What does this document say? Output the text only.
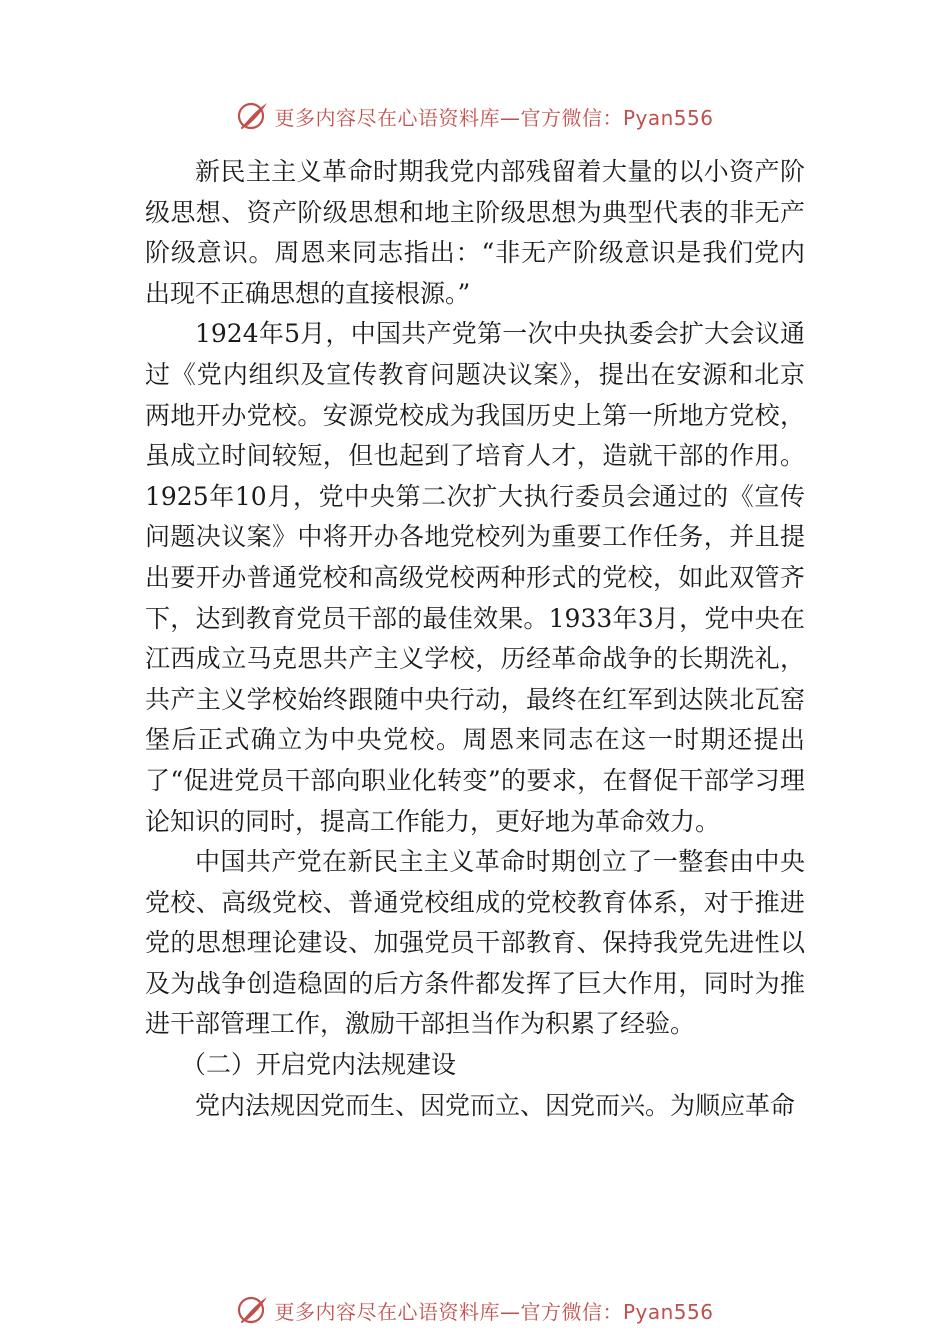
更多内容尽在心语资料库—官方微信：Pyan556

新民主主义革命时期我党内部残留着大量的以小资产阶级思想、资产阶级思想和地主阶级思想为典型代表的非无产阶级意识。周恩来同志指出：“非无产阶级意识是我们党内出现不正确思想的直接根源。”

1924年5月，中国共产党第一次中央执委会扩大会议通过《党内组织及宣传教育问题决议案》，提出在安源和北京两地开办党校。安源党校成为我国历史上第一所地方党校，虽成立时间较短，但也起到了培育人才，造就干部的作用。1925年10月，党中央第二次扩大执行委员会通过的《宣传问题决议案》中将开办各地党校列为重要工作任务，并且提出要开办普通党校和高级党校两种形式的党校，如此双管齐下，达到教育党员干部的最佳效果。1933年3月，党中央在江西成立马克思共产主义学校，历经革命战争的长期洗礼，共产主义学校始终跟随中央行动，最终在红军到达陕北瓦窑堡后正式确立为中央党校。周恩来同志在这一时期还提出了“促进党员干部向职业化转变”的要求，在督促干部学习理论知识的同时，提高工作能力，更好地为革命效力。

中国共产党在新民主主义革命时期创立了一整套由中央党校、高级党校、普通党校组成的党校教育体系，对于推进党的思想理论建设、加强党员干部教育、保持我党先进性以及为战争创造稳固的后方条件都发挥了巨大作用，同时为推进干部管理工作，激励干部担当作为积累了经验。

（二）开启党内法规建设

党内法规因党而生、因党而立、因党而兴。为顺应革命

更多内容尽在心语资料库—官方微信：Pyan556
